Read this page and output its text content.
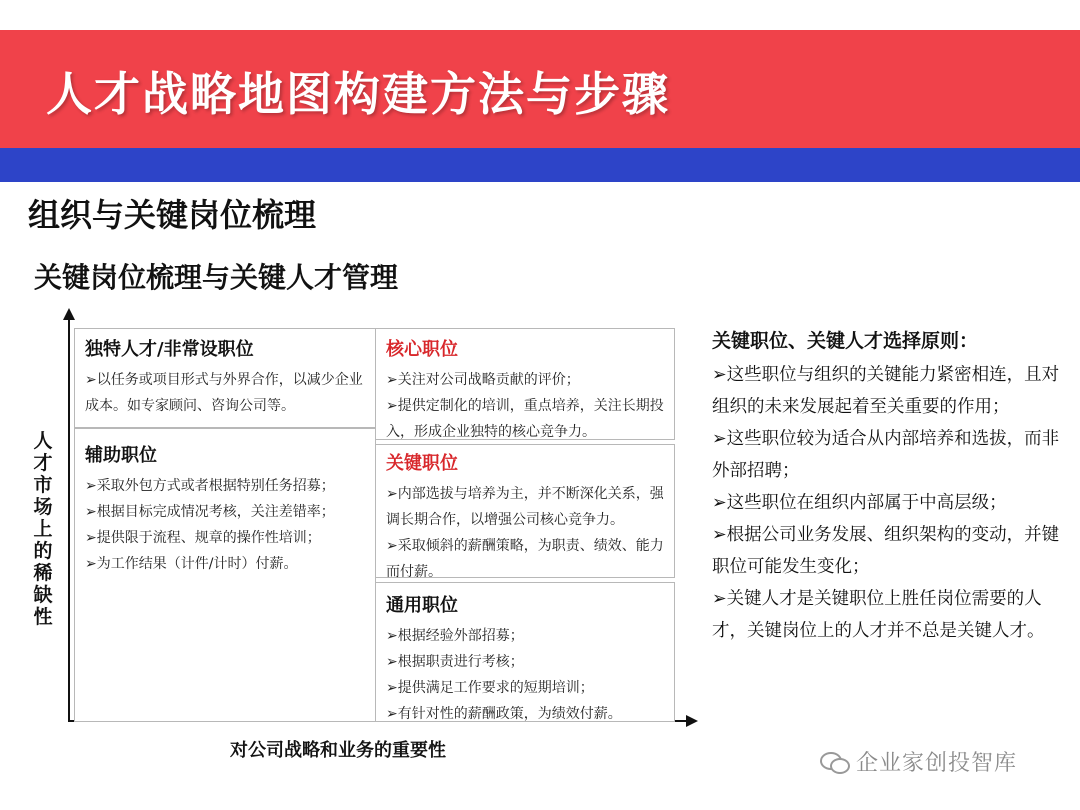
人才战略地图构建方法与步骤
组织与关键岗位梳理
关键岗位梳理与关键人才管理
人才市场上的稀缺性
对公司战略和业务的重要性
独特人才/非常设职位
➢以任务或项目形式与外界合作，以减少企业成本。如专家顾问、咨询公司等。
辅助职位
➢采取外包方式或者根据特别任务招募；
➢根据目标完成情况考核，关注差错率；
➢提供限于流程、规章的操作性培训；
➢为工作结果（计件/计时）付薪。
核心职位
➢关注对公司战略贡献的评价；
➢提供定制化的培训，重点培养，关注长期投入，形成企业独特的核心竞争力。
关键职位
➢内部选拔与培养为主，并不断深化关系，强调长期合作，以增强公司核心竞争力。
➢采取倾斜的薪酬策略，为职责、绩效、能力而付薪。
通用职位
➢根据经验外部招募；
➢根据职责进行考核；
➢提供满足工作要求的短期培训；
➢有针对性的薪酬政策，为绩效付薪。
关键职位、关键人才选择原则：
➢这些职位与组织的关键能力紧密相连，且对组织的未来发展起着至关重要的作用；
➢这些职位较为适合从内部培养和选拔，而非外部招聘；
➢这些职位在组织内部属于中高层级；
➢根据公司业务发展、组织架构的变动，并键职位可能发生变化；
➢关键人才是关键职位上胜任岗位需要的人才，关键岗位上的人才并不总是关键人才。
企业家创投智库
